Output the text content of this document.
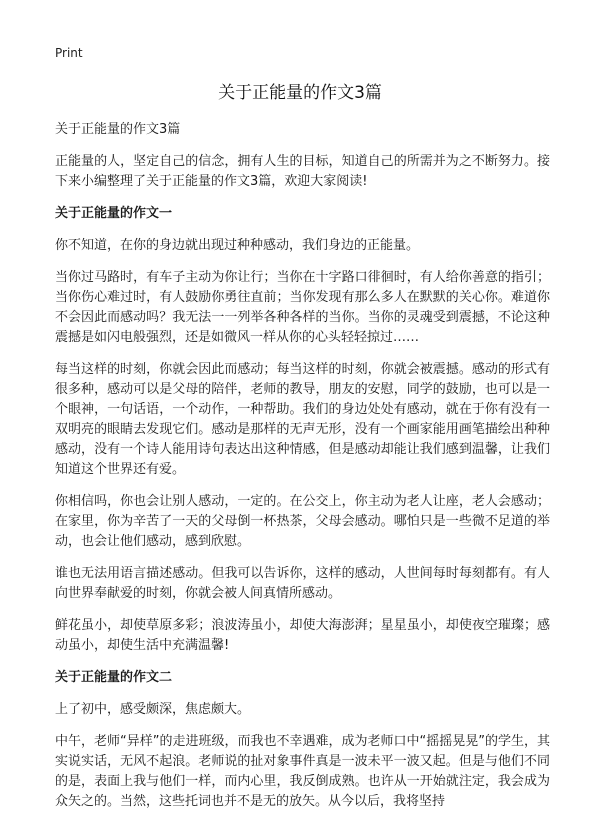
Print
关于正能量的作文3篇

关于正能量的作文3篇

正能量的人，坚定自己的信念，拥有人生的目标，知道自己的所需并为之不断努力。接下来小编整理了关于正能量的作文3篇，欢迎大家阅读!

关于正能量的作文一

你不知道，在你的身边就出现过种种感动，我们身边的正能量。

当你过马路时，有车子主动为你让行；当你在十字路口徘徊时，有人给你善意的指引；当你伤心难过时，有人鼓励你勇往直前；当你发现有那么多人在默默的关心你。难道你不会因此而感动吗？我无法一一列举各种各样的当你。当你的灵魂受到震撼，不论这种震撼是如闪电般强烈，还是如微风一样从你的心头轻轻掠过……

每当这样的时刻，你就会因此而感动；每当这样的时刻，你就会被震撼。感动的形式有很多种，感动可以是父母的陪伴，老师的教导，朋友的安慰，同学的鼓励，也可以是一个眼神，一句话语，一个动作，一种帮助。我们的身边处处有感动，就在于你有没有一双明亮的眼睛去发现它们。感动是那样的无声无形，没有一个画家能用画笔描绘出种种感动，没有一个诗人能用诗句表达出这种情感，但是感动却能让我们感到温馨，让我们知道这个世界还有爱。

你相信吗，你也会让别人感动，一定的。在公交上，你主动为老人让座，老人会感动；在家里，你为辛苦了一天的父母倒一杯热茶，父母会感动。哪怕只是一些微不足道的举动，也会让他们感动，感到欣慰。

谁也无法用语言描述感动。但我可以告诉你，这样的感动，人世间每时每刻都有。有人向世界奉献爱的时刻，你就会被人间真情所感动。

鲜花虽小，却使草原多彩；浪波涛虽小，却使大海澎湃；星星虽小，却使夜空璀璨；感动虽小，却使生活中充满温馨!

关于正能量的作文二

上了初中，感受颇深，焦虑颇大。

中午，老师“异样”的走进班级，而我也不幸遇难，成为老师口中“摇摇晃晃”的学生，其实说实话，无风不起浪。老师说的扯对象事件真是一波未平一波又起。但是与他们不同的是，表面上我与他们一样，而内心里，我反倒成熟。也许从一开始就注定，我会成为众矢之的。当然，这些托词也并不是无的放矢。从今以后，我将坚持
